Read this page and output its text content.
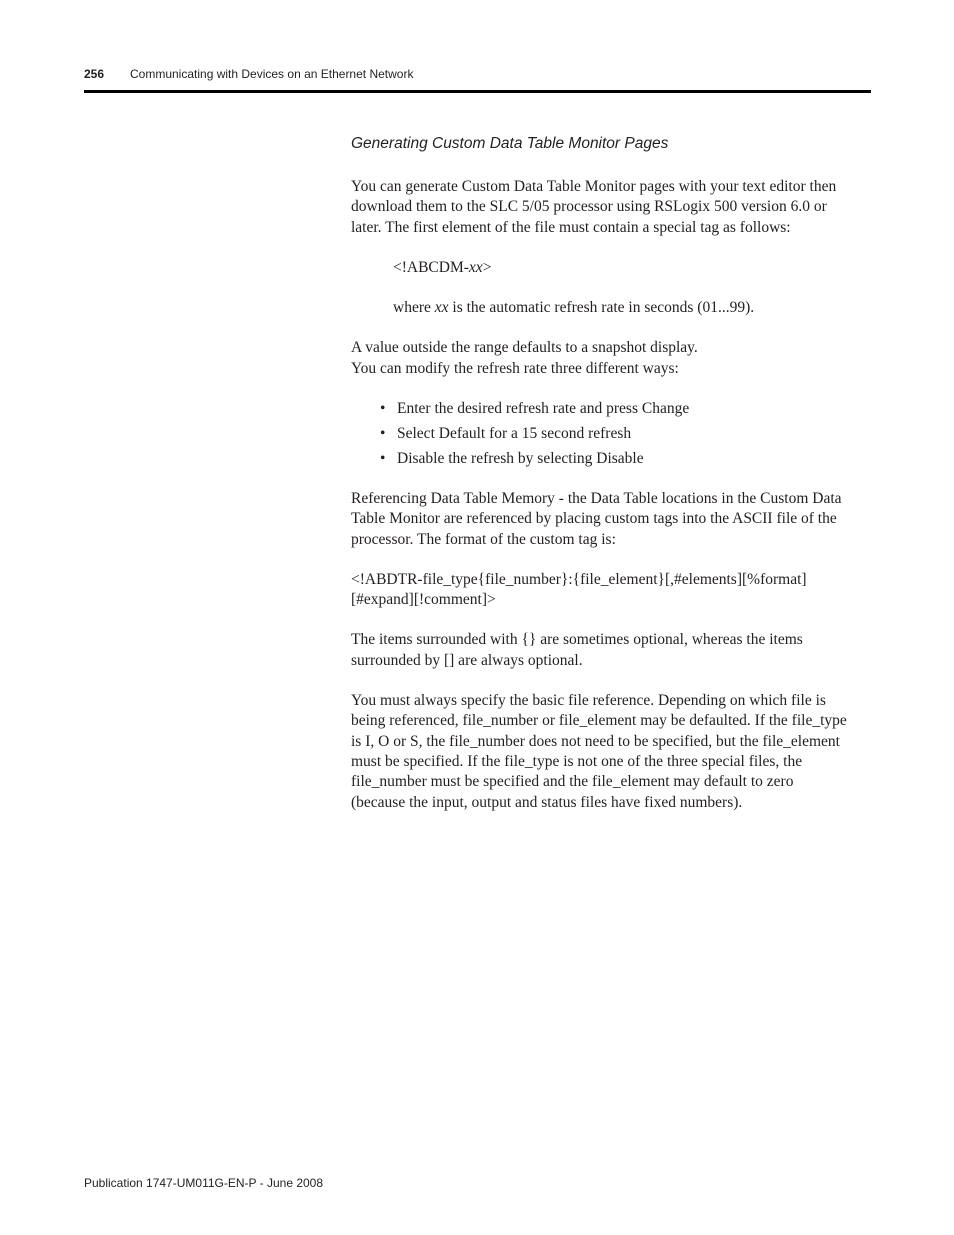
256 Communicating with Devices on an Ethernet Network
Generating Custom Data Table Monitor Pages

You can generate Custom Data Table Monitor pages with your text editor then download them to the SLC 5/05 processor using RSLogix 500 version 6.0 or later. The first element of the file must contain a special tag as follows:

<!ABCDM-xx>

where xx is the automatic refresh rate in seconds (01...99).

A value outside the range defaults to a snapshot display.
You can modify the refresh rate three different ways:

• Enter the desired refresh rate and press Change
• Select Default for a 15 second refresh
• Disable the refresh by selecting Disable

Referencing Data Table Memory - the Data Table locations in the Custom Data Table Monitor are referenced by placing custom tags into the ASCII file of the processor. The format of the custom tag is:

<!ABDTR-file_type{file_number}:{file_element}[,#elements][%format]
[#expand][!comment]>

The items surrounded with {} are sometimes optional, whereas the items surrounded by [] are always optional.

You must always specify the basic file reference. Depending on which file is being referenced, file_number or file_element may be defaulted. If the file_type is I, O or S, the file_number does not need to be specified, but the file_element must be specified. If the file_type is not one of the three special files, the file_number must be specified and the file_element may default to zero (because the input, output and status files have fixed numbers).

Publication 1747-UM011G-EN-P - June 2008
